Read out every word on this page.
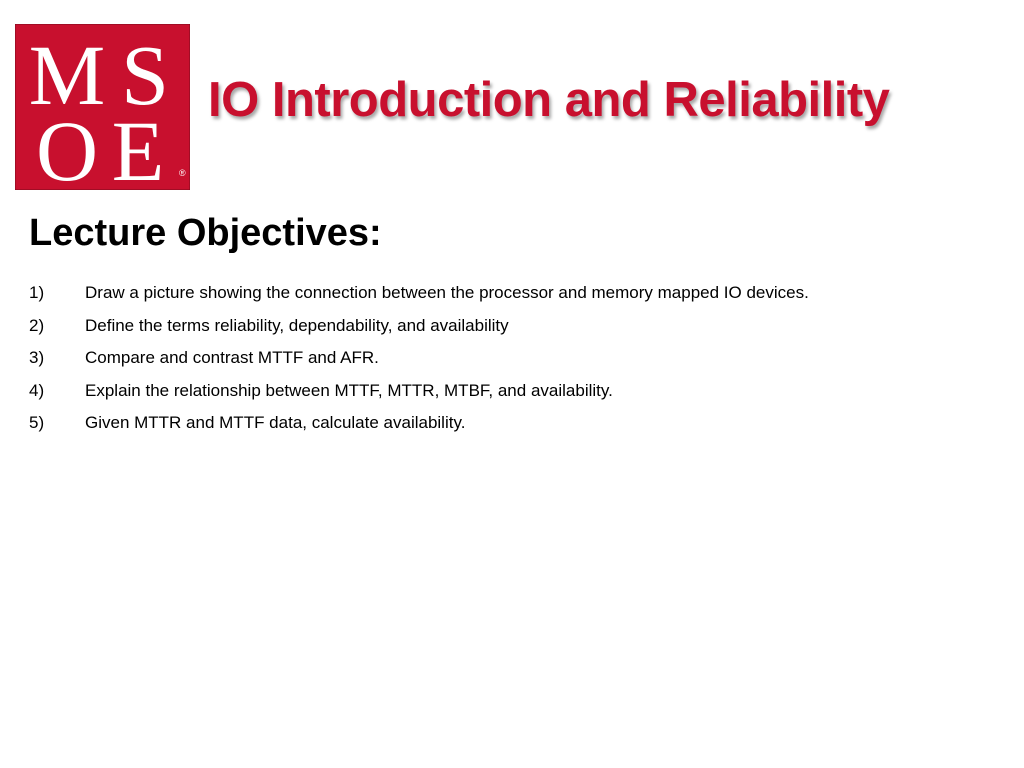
M S
O E ®
IO Introduction and Reliability
Lecture Objectives:
1)	Draw a picture showing the connection between the processor and memory mapped IO devices.
2)	Define the terms reliability, dependability, and availability
3)	Compare and contrast MTTF and AFR.
4)	Explain the relationship between MTTF, MTTR, MTBF, and availability.
5)	Given MTTR and MTTF data, calculate availability.
